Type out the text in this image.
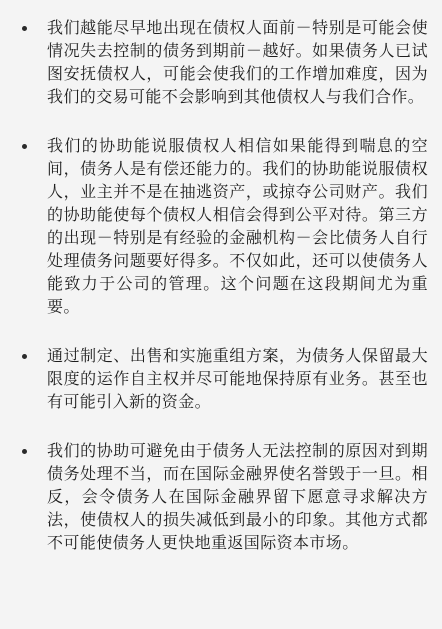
我们越能尽早地出现在债权人面前－特别是可能会使情况失去控制的债务到期前－越好。如果债务人已试图安抚债权人，可能会使我们的工作增加难度，因为我们的交易可能不会影响到其他债权人与我们合作。
我们的协助能说服债权人相信如果能得到喘息的空间，债务人是有偿还能力的。我们的协助能说服债权人，业主并不是在抽逃资产，或掠夺公司财产。我们的协助能使每个债权人相信会得到公平对待。第三方的出现－特别是有经验的金融机构－会比债务人自行处理债务问题要好得多。不仅如此，还可以使债务人能致力于公司的管理。这个问题在这段期间尤为重要。
通过制定、出售和实施重组方案，为债务人保留最大限度的运作自主权并尽可能地保持原有业务。甚至也有可能引入新的资金。
我们的协助可避免由于债务人无法控制的原因对到期债务处理不当，而在国际金融界使名誉毁于一旦。相反，会令债务人在国际金融界留下愿意寻求解决方法，使债权人的损失减低到最小的印象。其他方式都不可能使债务人更快地重返国际资本市场。
